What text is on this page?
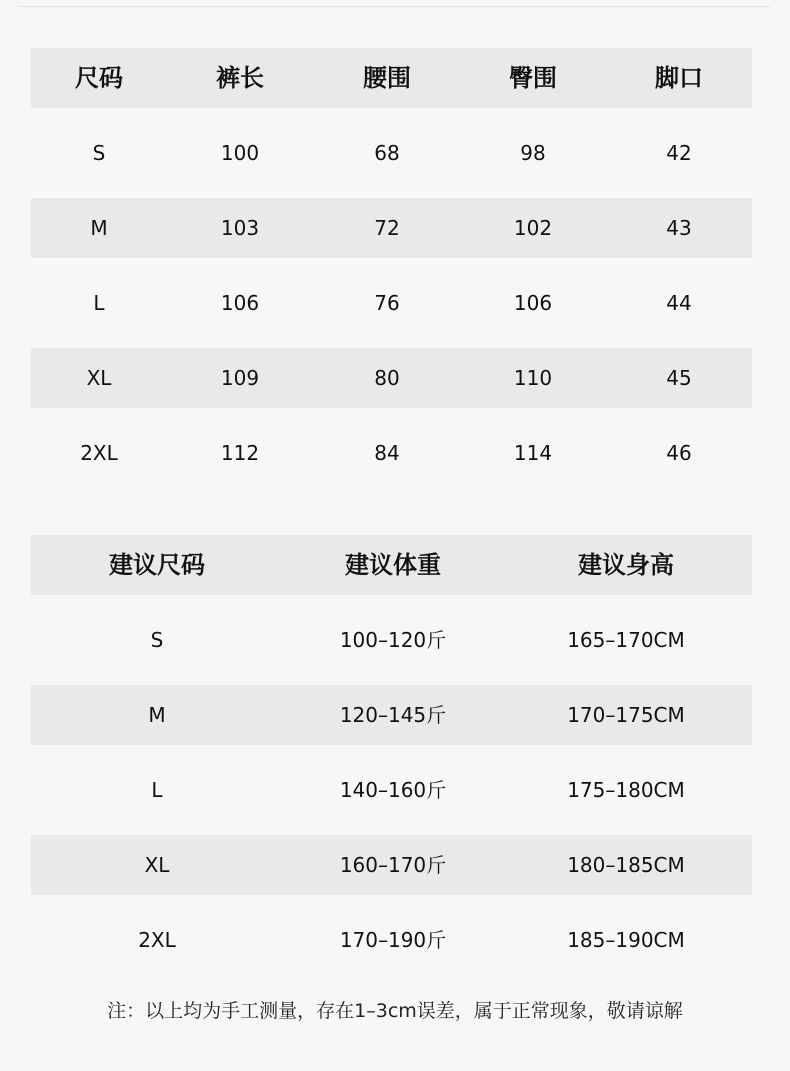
尺码	裤长	腰围	臀围	脚口
S	100	68	98	42
M	103	72	102	43
L	106	76	106	44
XL	109	80	110	45
2XL	112	84	114	46
建议尺码	建议体重	建议身高
S	100–120斤	165–170CM
M	120–145斤	170–175CM
L	140–160斤	175–180CM
XL	160–170斤	180–185CM
2XL	170–190斤	185–190CM
注：以上均为手工测量，存在1–3cm误差，属于正常现象，敬请谅解
